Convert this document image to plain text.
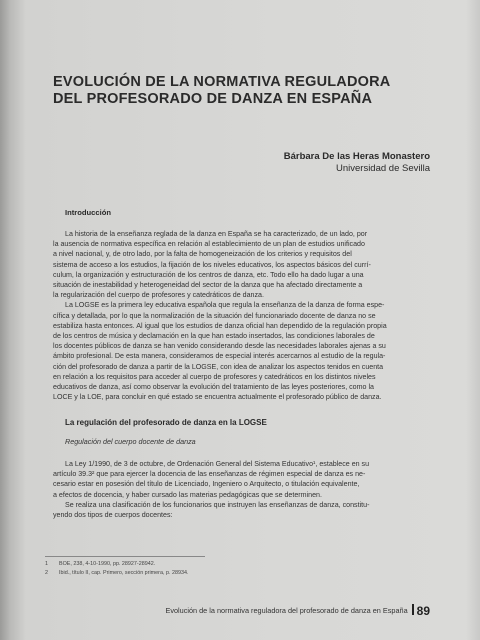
EVOLUCIÓN DE LA NORMATIVA REGULADORA
DEL PROFESORADO DE DANZA EN ESPAÑA
Bárbara De las Heras Monastero
Universidad de Sevilla
Introducción
La historia de la enseñanza reglada de la danza en España se ha caracterizado, de un lado, por
la ausencia de normativa específica en relación al establecimiento de un plan de estudios unificado
a nivel nacional, y, de otro lado, por la falta de homogeneización de los criterios y requisitos del
sistema de acceso a los estudios, la fijación de los niveles educativos, los aspectos básicos del currí-
culum, la organización y estructuración de los centros de danza, etc. Todo ello ha dado lugar a una
situación de inestabilidad y heterogeneidad del sector de la danza que ha afectado directamente a
la regularización del cuerpo de profesores y catedráticos de danza.
La LOGSE es la primera ley educativa española que regula la enseñanza de la danza de forma espe-
cífica y detallada, por lo que la normalización de la situación del funcionariado docente de danza no se
estabiliza hasta entonces. Al igual que los estudios de danza oficial han dependido de la regulación propia
de los centros de música y declamación en la que han estado insertados, las condiciones laborales de
los docentes públicos de danza se han venido considerando desde las necesidades laborales ajenas a su
ámbito profesional. De esta manera, consideramos de especial interés acercarnos al estudio de la regula-
ción del profesorado de danza a partir de la LOGSE, con idea de analizar los aspectos tenidos en cuenta
en relación a los requisitos para acceder al cuerpo de profesores y catedráticos en los distintos niveles
educativos de danza, así como observar la evolución del tratamiento de las leyes posteriores, como la
LOCE y la LOE, para concluir en qué estado se encuentra actualmente el profesorado público de danza.
La regulación del profesorado de danza en la LOGSE
Regulación del cuerpo docente de danza
La Ley 1/1990, de 3 de octubre, de Ordenación General del Sistema Educativo¹, establece en su
artículo 39.3² que para ejercer la docencia de las enseñanzas de régimen especial de danza es ne-
cesario estar en posesión del título de Licenciado, Ingeniero o Arquitecto, o titulación equivalente,
a efectos de docencia, y haber cursado las materias pedagógicas que se determinen.
Se realiza una clasificación de los funcionarios que instruyen las enseñanzas de danza, constitu-
yendo dos tipos de cuerpos docentes:
1 BOE, 238, 4-10-1990, pp. 28927-28942.
2 Ibid., título II, cap. Primero, sección primera, p. 28934.
Evolución de la normativa reguladora del profesorado de danza en España 89
